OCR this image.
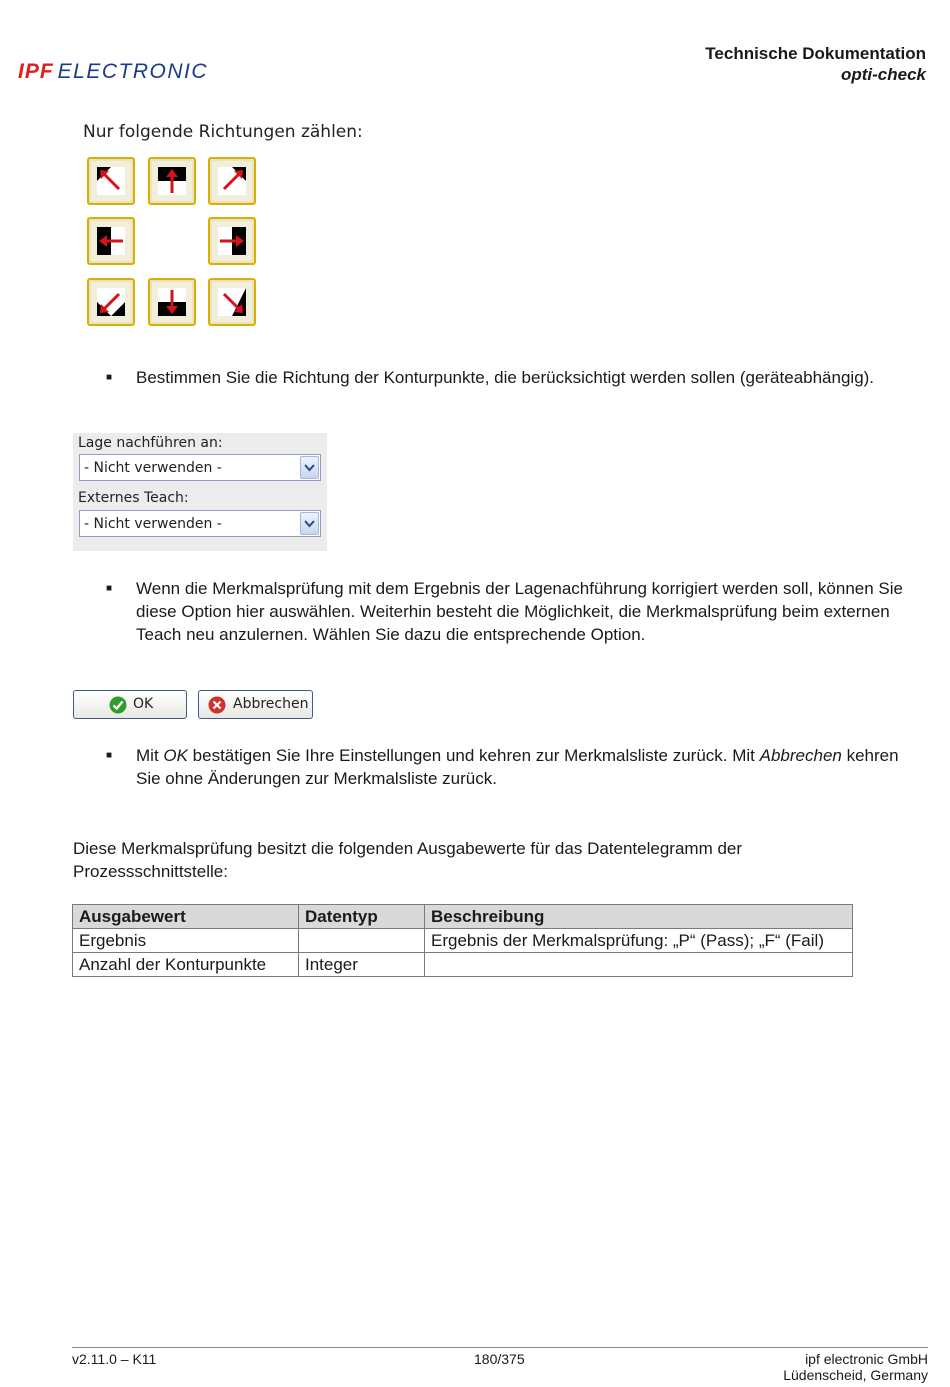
IPF ELECTRONIC
Technische Dokumentation
opti-check
Nur folgende Richtungen zählen:
■ Bestimmen Sie die Richtung der Konturpunkte, die berücksichtigt werden sollen (geräteabhängig).
Lage nachführen an:
- Nicht verwenden -
Externes Teach:
- Nicht verwenden -
■ Wenn die Merkmalsprüfung mit dem Ergebnis der Lagenachführung korrigiert werden soll, können Sie diese Option hier auswählen. Weiterhin besteht die Möglichkeit, die Merkmalsprüfung beim externen Teach neu anzulernen. Wählen Sie dazu die entsprechende Option.
OK	Abbrechen
■ Mit OK bestätigen Sie Ihre Einstellungen und kehren zur Merkmalsliste zurück. Mit Abbrechen kehren Sie ohne Änderungen zur Merkmalsliste zurück.
Diese Merkmalsprüfung besitzt die folgenden Ausgabewerte für das Datentelegramm der Prozessschnittstelle:
Ausgabewert	Datentyp	Beschreibung
Ergebnis		Ergebnis der Merkmalsprüfung: „P“ (Pass); „F“ (Fail)
Anzahl der Konturpunkte	Integer	
v2.11.0 – K11	180/375	ipf electronic GmbH
Lüdenscheid, Germany
